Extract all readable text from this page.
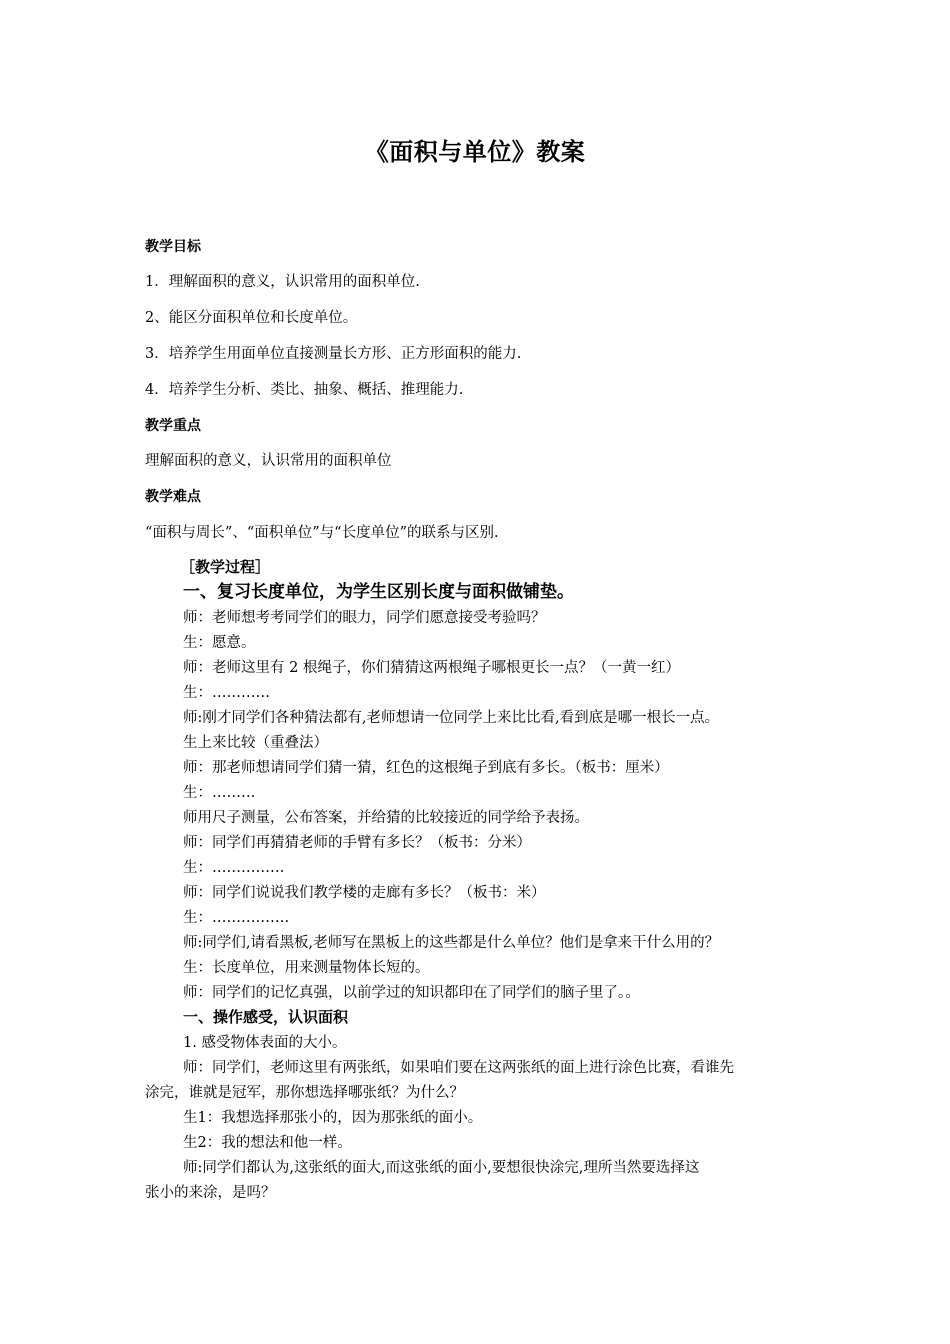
《面积与单位》教案
教学目标
1．理解面积的意义，认识常用的面积单位.
2、能区分面积单位和长度单位。
3．培养学生用面单位直接测量长方形、正方形面积的能力.
4．培养学生分析、类比、抽象、概括、推理能力.
教学重点
理解面积的意义，认识常用的面积单位
教学难点
“面积与周长”、“面积单位”与“长度单位”的联系与区别.
［教学过程］
一、复习长度单位，为学生区别长度与面积做铺垫。
师：老师想考考同学们的眼力，同学们愿意接受考验吗？
生：愿意。
师：老师这里有 2 根绳子，你们猜猜这两根绳子哪根更长一点？（一黄一红）
生：…………
师:刚才同学们各种猜法都有,老师想请一位同学上来比比看,看到底是哪一根长一点。
生上来比较（重叠法）
师：那老师想请同学们猜一猜，红色的这根绳子到底有多长。（板书：厘米）
生：………
师用尺子测量，公布答案，并给猜的比较接近的同学给予表扬。
师：同学们再猜猜老师的手臂有多长？（板书：分米）
生：……………
师：同学们说说我们教学楼的走廊有多长？（板书：米）
生：…………….
师:同学们,请看黑板,老师写在黑板上的这些都是什么单位？他们是拿来干什么用的？
生：长度单位，用来测量物体长短的。
师：同学们的记忆真强，以前学过的知识都印在了同学们的脑子里了。。
一、操作感受，认识面积
1. 感受物体表面的大小。
师：同学们，老师这里有两张纸，如果咱们要在这两张纸的面上进行涂色比赛，看谁先
涂完，谁就是冠军，那你想选择哪张纸？为什么？
生1：我想选择那张小的，因为那张纸的面小。
生2：我的想法和他一样。
师:同学们都认为,这张纸的面大,而这张纸的面小,要想很快涂完,理所当然要选择这
张小的来涂，是吗？
